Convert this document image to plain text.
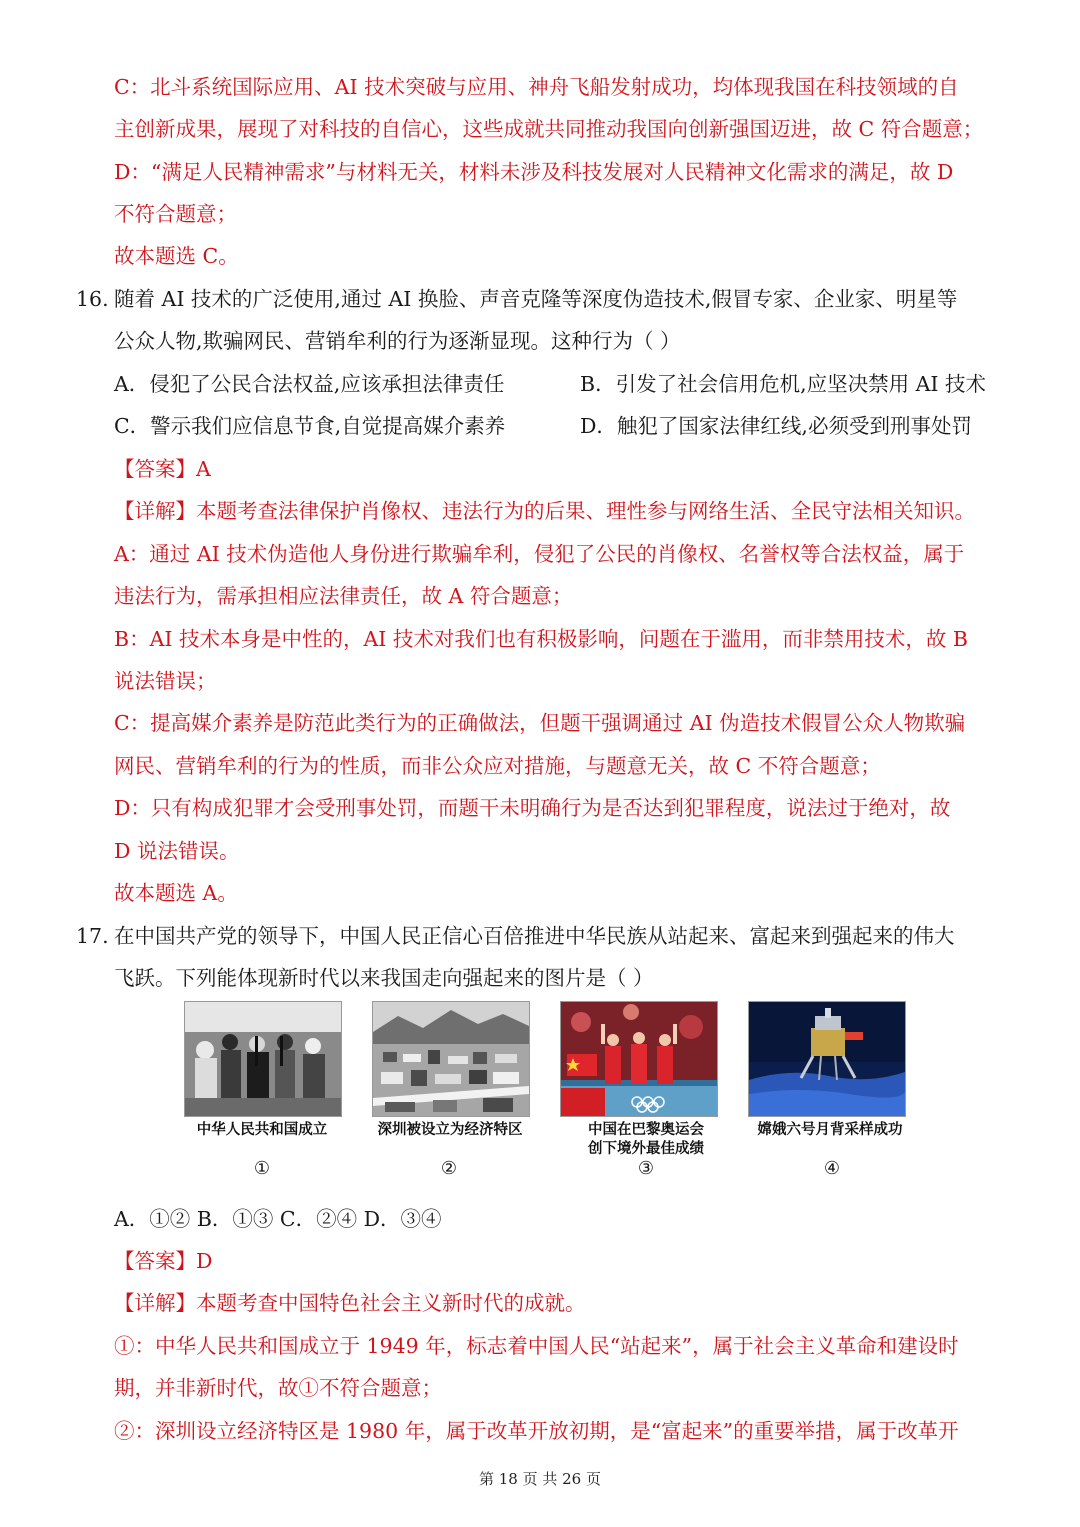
C：北斗系统国际应用、AI 技术突破与应用、神舟飞船发射成功，均体现我国在科技领域的自
主创新成果，展现了对科技的自信心，这些成就共同推动我国向创新强国迈进，故 C 符合题意；
D：“满足人民精神需求”与材料无关，材料未涉及科技发展对人民精神文化需求的满足，故 D
不符合题意；
故本题选 C。
16. 随着 AI 技术的广泛使用,通过 AI 换脸、声音克隆等深度伪造技术,假冒专家、企业家、明星等
公众人物,欺骗网民、营销牟利的行为逐渐显现。这种行为（ ）
A．侵犯了公民合法权益,应该承担法律责任	B．引发了社会信用危机,应坚决禁用 AI 技术
C．警示我们应信息节食,自觉提高媒介素养	D．触犯了国家法律红线,必须受到刑事处罚
【答案】A
【详解】本题考查法律保护肖像权、违法行为的后果、理性参与网络生活、全民守法相关知识。
A：通过 AI 技术伪造他人身份进行欺骗牟利，侵犯了公民的肖像权、名誉权等合法权益，属于
违法行为，需承担相应法律责任，故 A 符合题意；
B：AI 技术本身是中性的，AI 技术对我们也有积极影响，问题在于滥用，而非禁用技术，故 B
说法错误；
C：提高媒介素养是防范此类行为的正确做法，但题干强调通过 AI 伪造技术假冒公众人物欺骗
网民、营销牟利的行为的性质，而非公众应对措施，与题意无关，故 C 不符合题意；
D：只有构成犯罪才会受刑事处罚，而题干未明确行为是否达到犯罪程度，说法过于绝对，故
D 说法错误。
故本题选 A。
17. 在中国共产党的领导下，中国人民正信心百倍推进中华民族从站起来、富起来到强起来的伟大
飞跃。下列能体现新时代以来我国走向强起来的图片是（ ）
中华人民共和国成立	深圳被设立为经济特区	中国在巴黎奥运会
创下境外最佳成绩
嫦娥六号月背采样成功
①	②	③	④
A．①② B．①③ C．②④ D．③④
【答案】D
【详解】本题考查中国特色社会主义新时代的成就。
①：中华人民共和国成立于 1949 年，标志着中国人民“站起来”，属于社会主义革命和建设时
期，并非新时代，故①不符合题意；
②：深圳设立经济特区是 1980 年，属于改革开放初期，是“富起来”的重要举措，属于改革开
第 18 页 共 26 页
